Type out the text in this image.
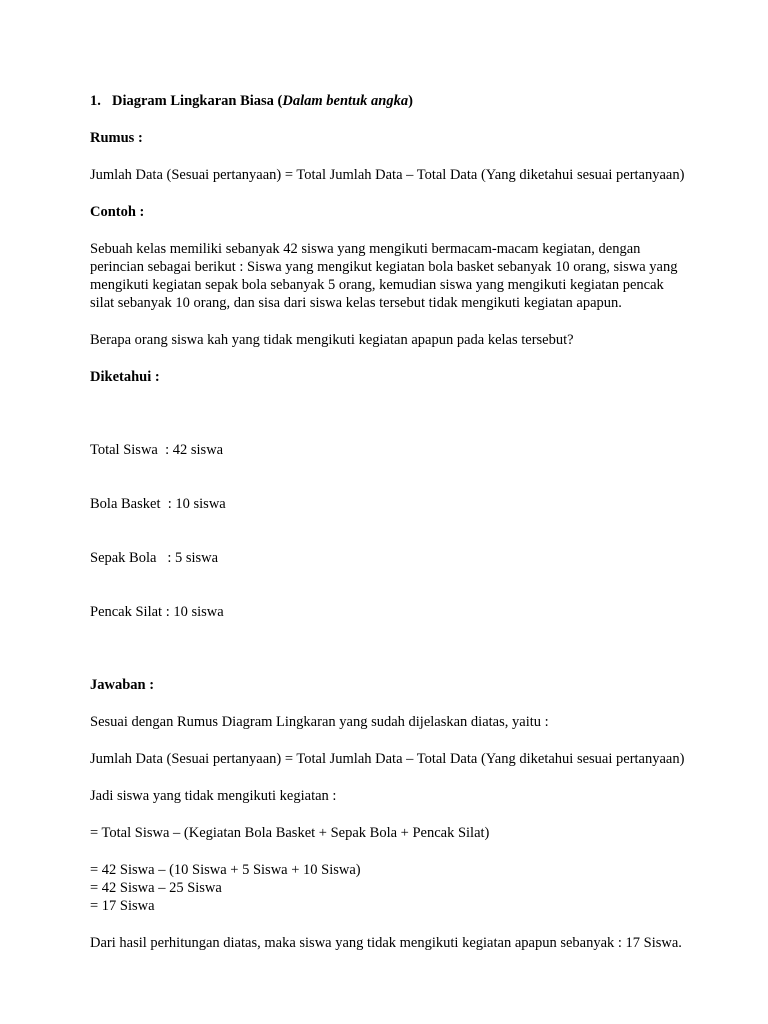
1. Diagram Lingkaran Biasa (Dalam bentuk angka)

Rumus :

Jumlah Data (Sesuai pertanyaan) = Total Jumlah Data – Total Data (Yang diketahui sesuai pertanyaan)

Contoh :

Sebuah kelas memiliki sebanyak 42 siswa yang mengikuti bermacam-macam kegiatan, dengan perincian sebagai berikut : Siswa yang mengikut kegiatan bola basket sebanyak 10 orang, siswa yang mengikuti kegiatan sepak bola sebanyak 5 orang, kemudian siswa yang mengikuti kegiatan pencak silat sebanyak 10 orang, dan sisa dari siswa kelas tersebut tidak mengikuti kegiatan apapun.

Berapa orang siswa kah yang tidak mengikuti kegiatan apapun pada kelas tersebut?

Diketahui :

Total Siswa  : 42 siswa

Bola Basket  : 10 siswa

Sepak Bola   : 5 siswa

Pencak Silat : 10 siswa

Jawaban :

Sesuai dengan Rumus Diagram Lingkaran yang sudah dijelaskan diatas, yaitu :

Jumlah Data (Sesuai pertanyaan) = Total Jumlah Data – Total Data (Yang diketahui sesuai pertanyaan)

Jadi siswa yang tidak mengikuti kegiatan :

= Total Siswa – (Kegiatan Bola Basket + Sepak Bola + Pencak Silat)

= 42 Siswa – (10 Siswa + 5 Siswa + 10 Siswa)
= 42 Siswa – 25 Siswa
= 17 Siswa

Dari hasil perhitungan diatas, maka siswa yang tidak mengikuti kegiatan apapun sebanyak : 17 Siswa.
